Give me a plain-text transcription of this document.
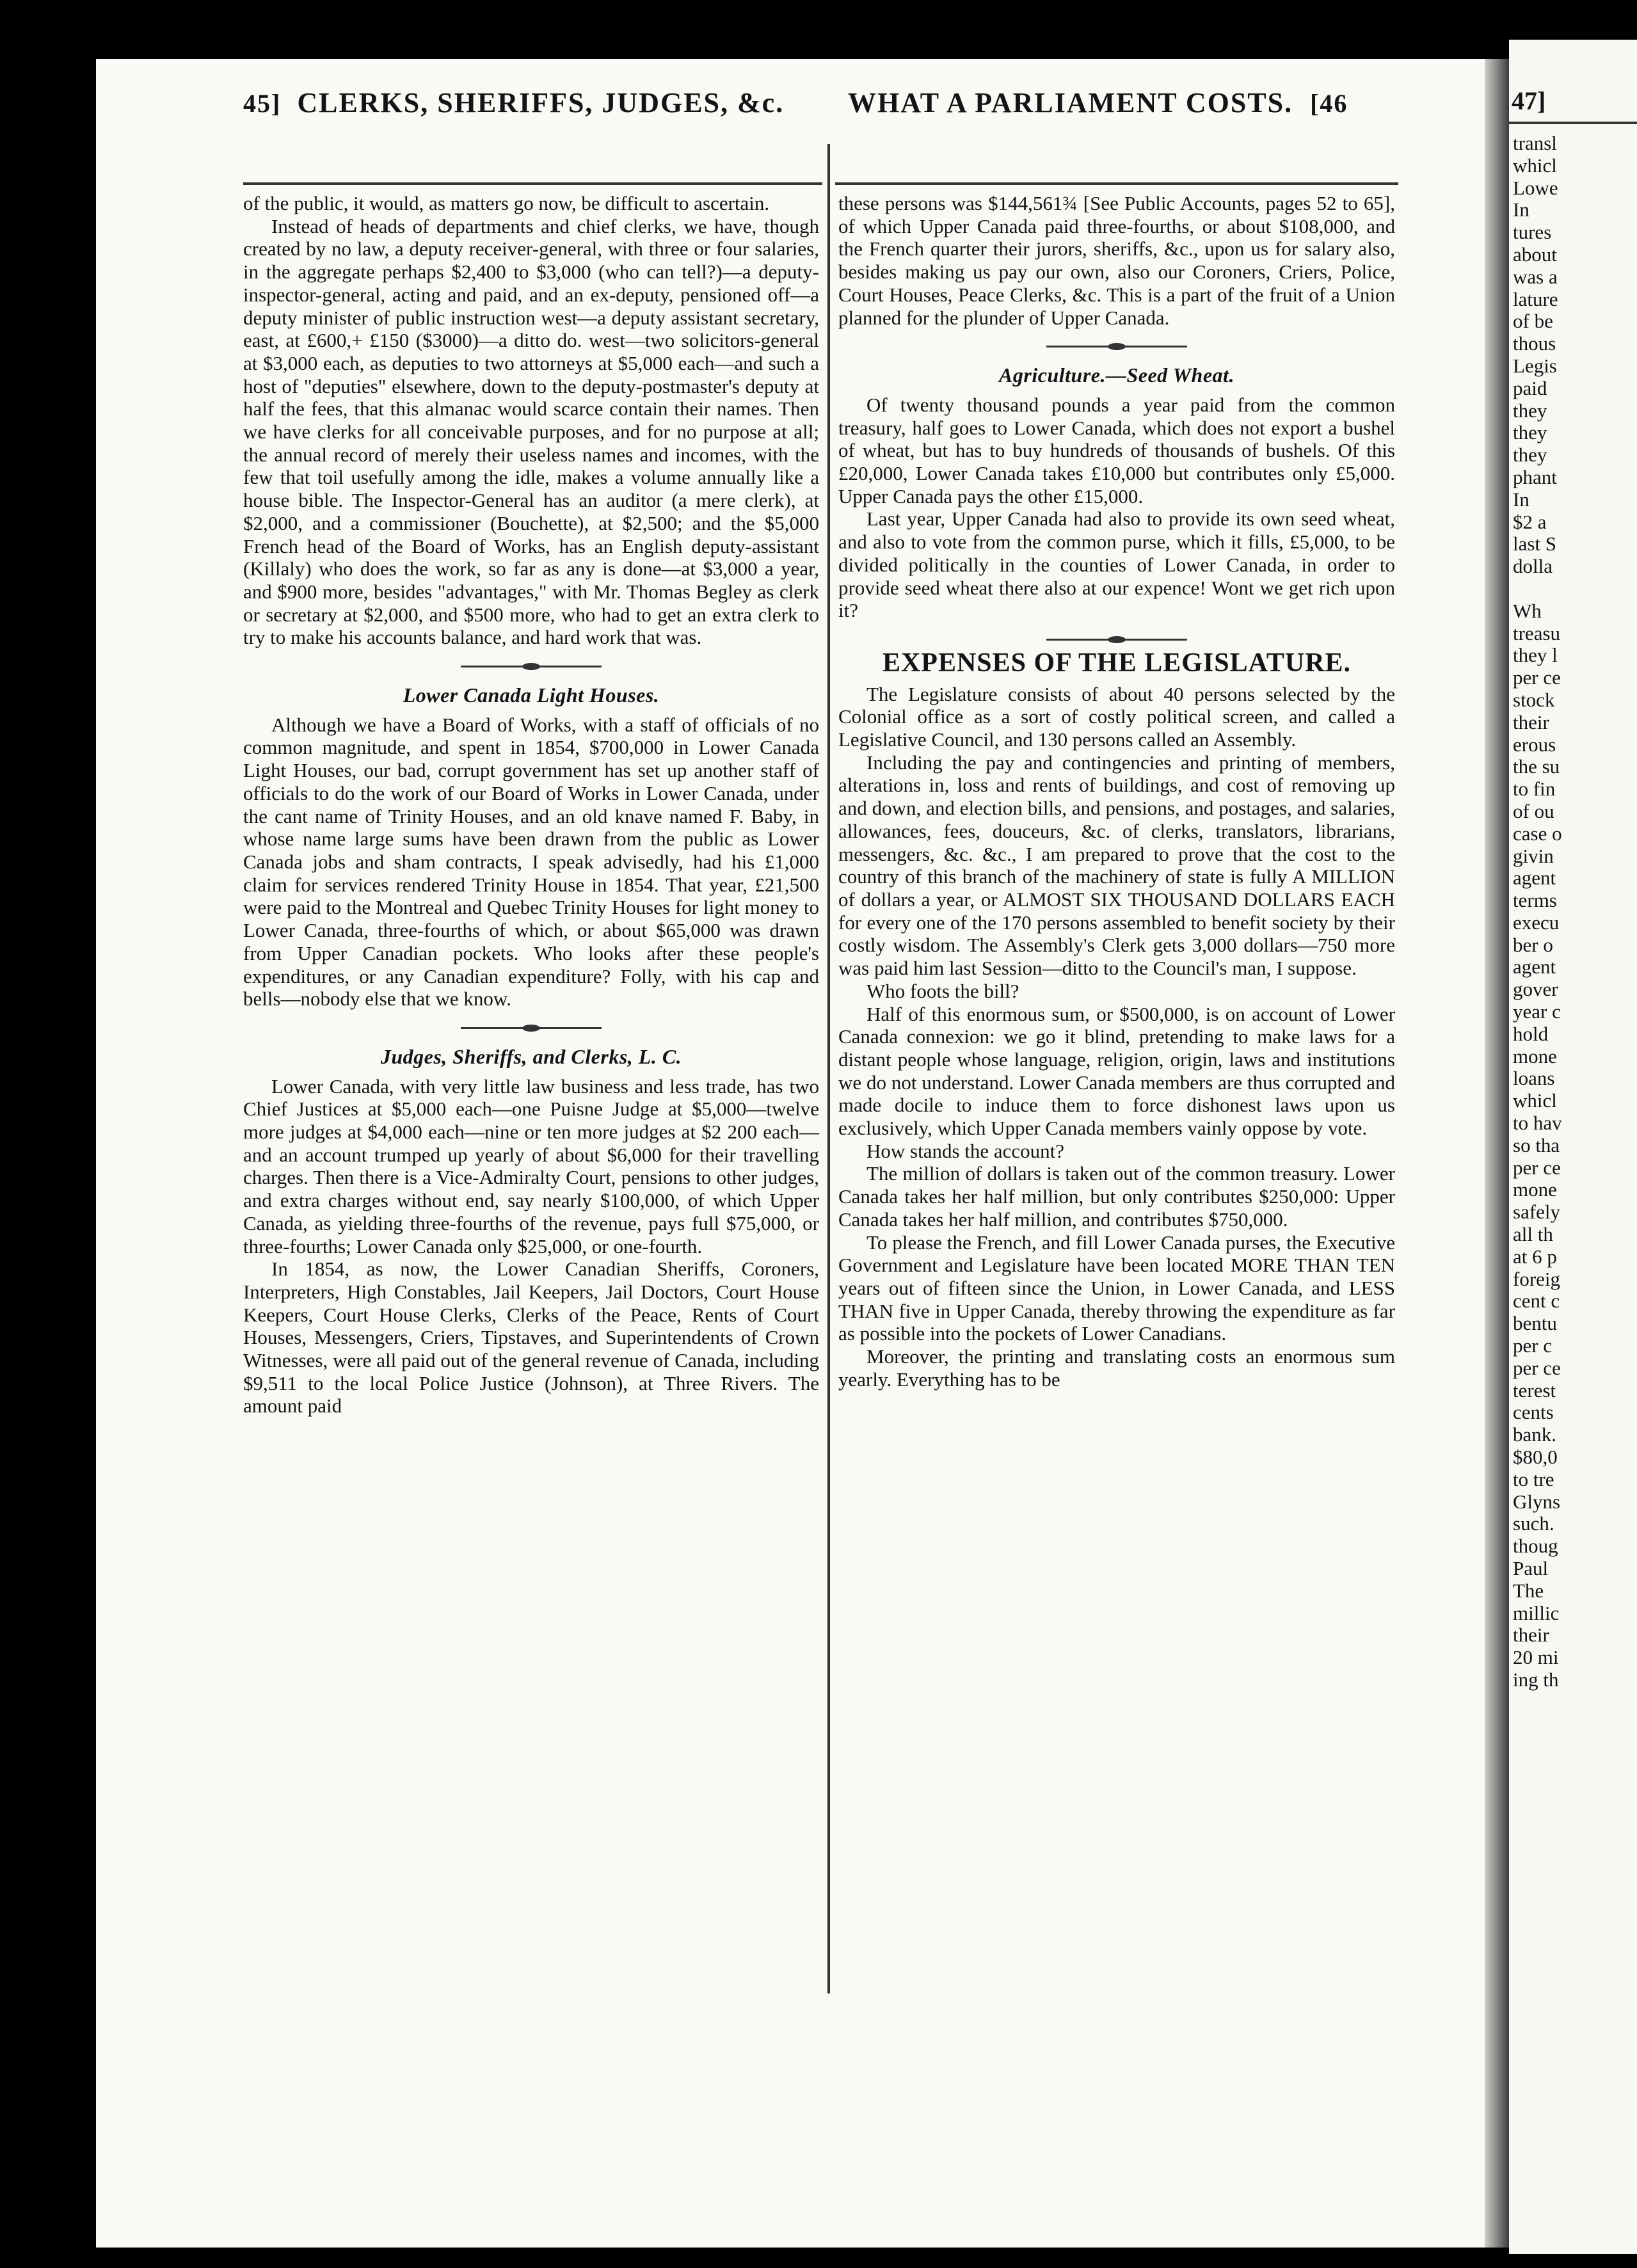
45] CLERKS, SHERIFFS, JUDGES, &c.	WHAT A PARLIAMENT COSTS. [46

of the public, it would, as matters go now, be difficult to ascertain.

Instead of heads of departments and chief clerks, we have, though created by no law, a deputy receiver-general, with three or four salaries, in the aggregate perhaps $2,400 to $3,000 (who can tell?)—a deputy-inspector-general, acting and paid, and an ex-deputy, pensioned off—a deputy minister of public instruction west—a deputy assistant secretary, east, at £600,+ £150 ($3000)—a ditto do. west—two solicitors-general at $3,000 each, as deputies to two attorneys at $5,000 each—and such a host of "deputies" elsewhere, down to the deputy-postmaster's deputy at half the fees, that this almanac would scarce contain their names. Then we have clerks for all conceivable purposes, and for no purpose at all; the annual record of merely their useless names and incomes, with the few that toil usefully among the idle, makes a volume annually like a house bible. The Inspector-General has an auditor (a mere clerk), at $2,000, and a commissioner (Bouchette), at $2,500; and the $5,000 French head of the Board of Works, has an English deputy-assistant (Killaly) who does the work, so far as any is done—at $3,000 a year, and $900 more, besides "advantages," with Mr. Thomas Begley as clerk or secretary at $2,000, and $500 more, who had to get an extra clerk to try to make his accounts balance, and hard work that was.

Lower Canada Light Houses.

Although we have a Board of Works, with a staff of officials of no common magnitude, and spent in 1854, $700,000 in Lower Canada Light Houses, our bad, corrupt government has set up another staff of officials to do the work of our Board of Works in Lower Canada, under the cant name of Trinity Houses, and an old knave named F. Baby, in whose name large sums have been drawn from the public as Lower Canada jobs and sham contracts, I speak advisedly, had his £1,000 claim for services rendered Trinity House in 1854. That year, £21,500 were paid to the Montreal and Quebec Trinity Houses for light money to Lower Canada, three-fourths of which, or about $65,000 was drawn from Upper Canadian pockets. Who looks after these people's expenditures, or any Canadian expenditure? Folly, with his cap and bells—nobody else that we know.

Judges, Sheriffs, and Clerks, L. C.

Lower Canada, with very little law business and less trade, has two Chief Justices at $5,000 each—one Puisne Judge at $5,000—twelve more judges at $4,000 each—nine or ten more judges at $2 200 each—and an account trumped up yearly of about $6,000 for their travelling charges. Then there is a Vice-Admiralty Court, pensions to other judges, and extra charges without end, say nearly $100,000, of which Upper Canada, as yielding three-fourths of the revenue, pays full $75,000, or three-fourths; Lower Canada only $25,000, or one-fourth.

In 1854, as now, the Lower Canadian Sheriffs, Coroners, Interpreters, High Constables, Jail Keepers, Jail Doctors, Court House Keepers, Court House Clerks, Clerks of the Peace, Rents of Court Houses, Messengers, Criers, Tipstaves, and Superintendents of Crown Witnesses, were all paid out of the general revenue of Canada, including $9,511 to the local Police Justice (Johnson), at Three Rivers. The amount paid

these persons was $144,561¾ [See Public Accounts, pages 52 to 65], of which Upper Canada paid three-fourths, or about $108,000, and the French quarter their jurors, sheriffs, &c., upon us for salary also, besides making us pay our own, also our Coroners, Criers, Police, Court Houses, Peace Clerks, &c. This is a part of the fruit of a Union planned for the plunder of Upper Canada.

Agriculture.—Seed Wheat.

Of twenty thousand pounds a year paid from the common treasury, half goes to Lower Canada, which does not export a bushel of wheat, but has to buy hundreds of thousands of bushels. Of this £20,000, Lower Canada takes £10,000 but contributes only £5,000. Upper Canada pays the other £15,000.

Last year, Upper Canada had also to provide its own seed wheat, and also to vote from the common purse, which it fills, £5,000, to be divided politically in the counties of Lower Canada, in order to provide seed wheat there also at our expence! Wont we get rich upon it?

EXPENSES OF THE LEGISLATURE.

The Legislature consists of about 40 persons selected by the Colonial office as a sort of costly political screen, and called a Legislative Council, and 130 persons called an Assembly.

Including the pay and contingencies and printing of members, alterations in, loss and rents of buildings, and cost of removing up and down, and election bills, and pensions, and postages, and salaries, allowances, fees, douceurs, &c. of clerks, translators, librarians, messengers, &c. &c., I am prepared to prove that the cost to the country of this branch of the machinery of state is fully A MILLION of dollars a year, or ALMOST SIX THOUSAND DOLLARS EACH for every one of the 170 persons assembled to benefit society by their costly wisdom. The Assembly's Clerk gets 3,000 dollars—750 more was paid him last Session—ditto to the Council's man, I suppose.

Who foots the bill?

Half of this enormous sum, or $500,000, is on account of Lower Canada connexion: we go it blind, pretending to make laws for a distant people whose language, religion, origin, laws and institutions we do not understand. Lower Canada members are thus corrupted and made docile to induce them to force dishonest laws upon us exclusively, which Upper Canada members vainly oppose by vote.

How stands the account?

The million of dollars is taken out of the common treasury. Lower Canada takes her half million, but only contributes $250,000: Upper Canada takes her half million, and contributes $750,000.

To please the French, and fill Lower Canada purses, the Executive Government and Legislature have been located MORE THAN TEN years out of fifteen since the Union, in Lower Canada, and LESS THAN five in Upper Canada, thereby throwing the expenditure as far as possible into the pockets of Lower Canadians.

Moreover, the printing and translating costs an enormous sum yearly. Everything has to be

47]
transl
whicl
Lowe
In
tures
about
was a
lature
of be
thous
Legis
paid
they
they
they
phant
In
$2 a
last S
dolla
Wh
treasu
they l
per ce
stock
their
erous
the su
to fin
of ou
case o
givin
agent
terms
execu
ber o
agent
gover
year c
hold
mone
loans
whicl
to hav
so tha
per ce
mone
safely
all th
at 6 p
foreig
cent c
bentu
per c
per ce
terest
cents
bank.
$80,0
to tre
Glyns
such.
thoug
Paul
The
millic
their
20 mi
ing th
